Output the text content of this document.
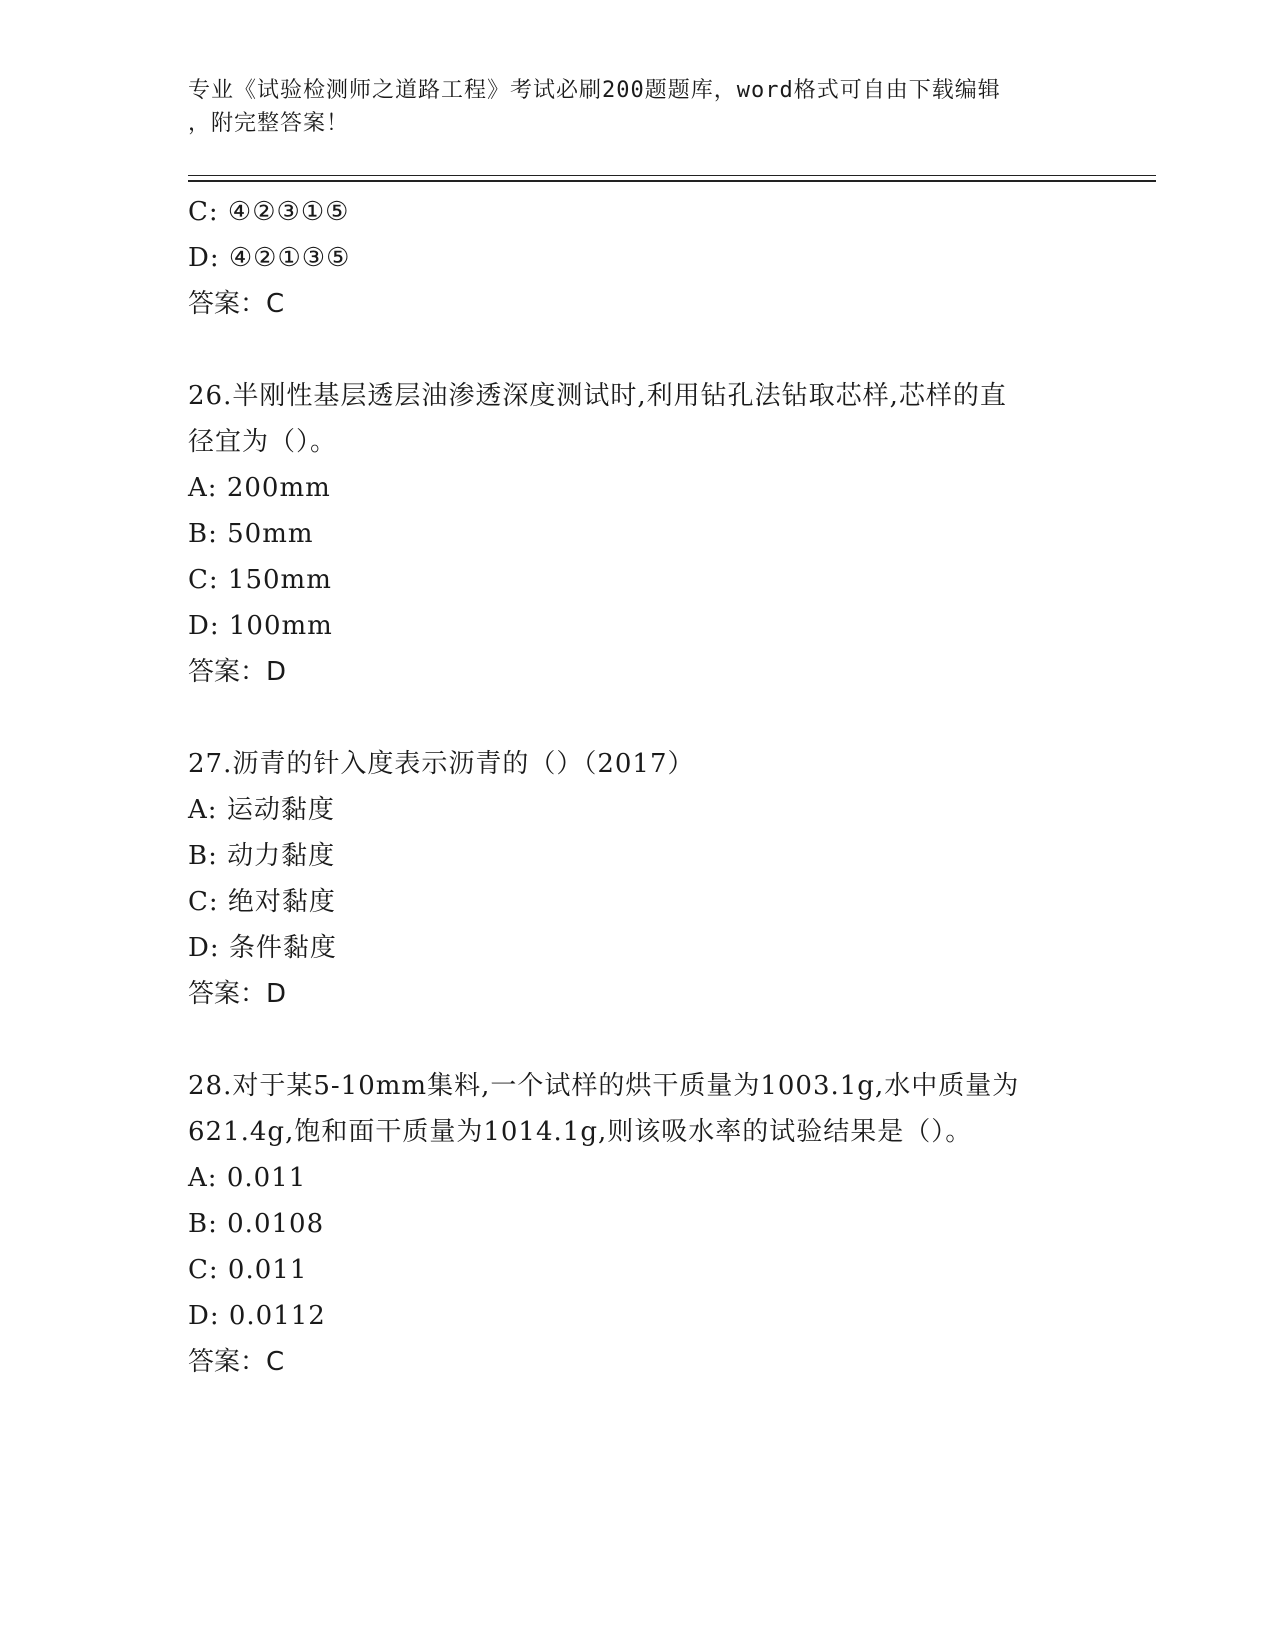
专业《试验检测师之道路工程》考试必刷200题题库，word格式可自由下载编辑
，附完整答案！
C: ④②③①⑤
D: ④②①③⑤
答案：C
26.半刚性基层透层油渗透深度测试时,利用钻孔法钻取芯样,芯样的直
径宜为（）。
A: 200mm
B: 50mm
C: 150mm
D: 100mm
答案：D
27.沥青的针入度表示沥青的（）（2017）
A: 运动黏度
B: 动力黏度
C: 绝对黏度
D: 条件黏度
答案：D
28.对于某5-10mm集料,一个试样的烘干质量为1003.1g,水中质量为
621.4g,饱和面干质量为1014.1g,则该吸水率的试验结果是（）。
A: 0.011
B: 0.0108
C: 0.011
D: 0.0112
答案：C
